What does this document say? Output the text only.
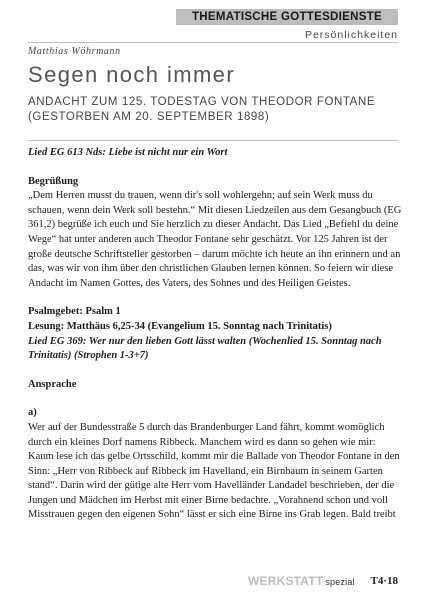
THEMATISCHE GOTTESDIENSTE
Persönlichkeiten
Matthias Wöhrmann
Segen noch immer

ANDACHT ZUM 125. TODESTAG VON THEODOR FONTANE (GESTORBEN AM 20. SEPTEMBER 1898)

Lied EG 613 Nds: Liebe ist nicht nur ein Wort

Begrüßung

„Dem Herren musst du trauen, wenn dir's soll wohlergehn; auf sein Werk muss du schauen, wenn dein Werk soll bestehn.“ Mit diesen Liedzeilen aus dem Gesangbuch (EG 361,2) begrüße ich euch und Sie herzlich zu dieser Andacht. Das Lied „Befiehl du deine Wege“ hat unter anderen auch Theodor Fontane sehr geschätzt. Vor 125 Jahren ist der große deutsche Schriftsteller gestorben – darum möchte ich heute an ihn erinnern und an das, was wir von ihm über den christlichen Glauben lernen können. So feiern wir diese Andacht im Namen Gottes, des Vaters, des Sohnes und des Heiligen Geistes.

Psalmgebet: Psalm 1

Lesung: Matthäus 6,25-34 (Evangelium 15. Sonntag nach Trinitatis)

Lied EG 369: Wer nur den lieben Gott lässt walten (Wochenlied 15. Sonntag nach Trinitatis) (Strophen 1-3+7)

Ansprache

a)

Wer auf der Bundesstraße 5 durch das Brandenburger Land fährt, kommt womöglich durch ein kleines Dorf namens Ribbeck. Manchem wird es dann so gehen wie mir: Kaum lese ich das gelbe Ortsschild, kommt mir die Ballade von Theodor Fontane in den Sinn: „Herr von Ribbeck auf Ribbeck im Havelland, ein Birnbaum in seinem Garten stand“. Darin wird der gütige alte Herr vom Havelländer Landadel beschrieben, der die Jungen und Mädchen im Herbst mit einer Birne bedachte. „Vorahnend schon und voll Misstrauen gegen den eigenen Sohn“ lässt er sich eine Birne ins Grab legen. Bald treibt

WERKSTATT spezial T4·18
